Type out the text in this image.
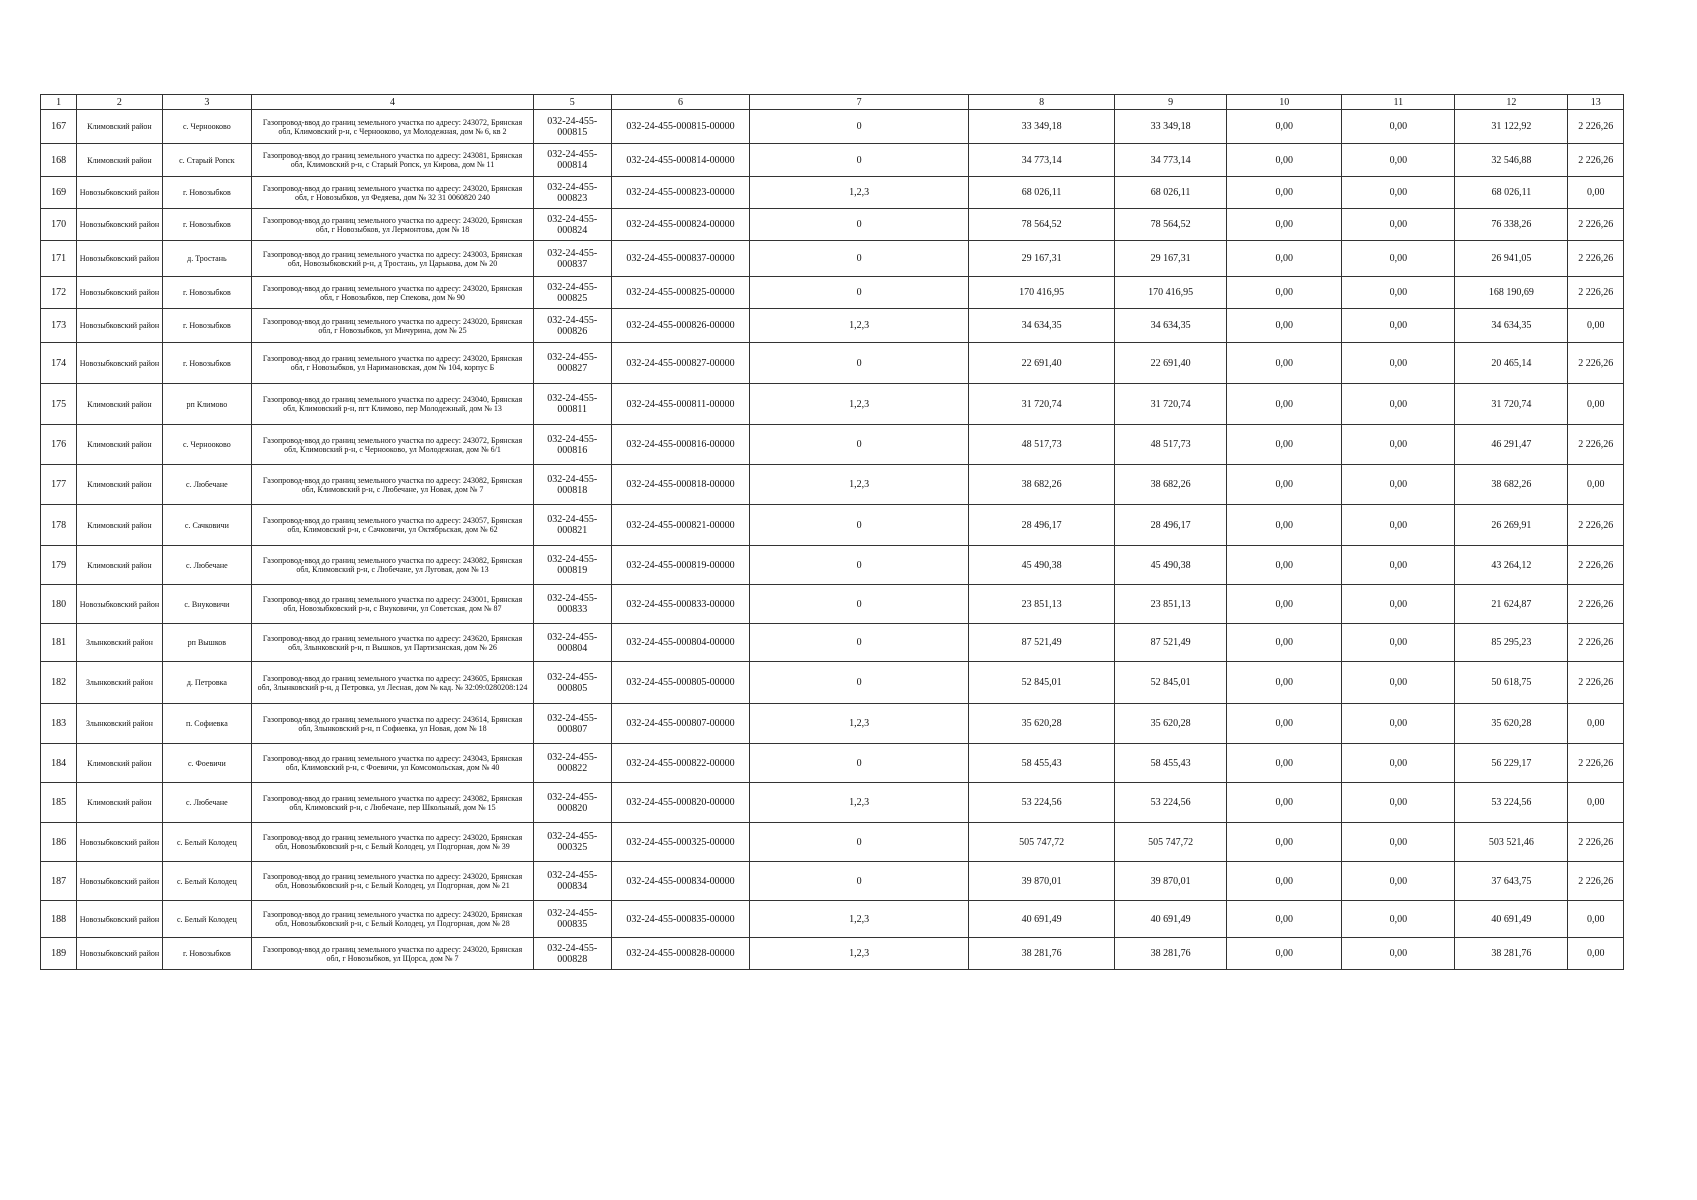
1	2	3	4	5	6	7	8	9	10	11	12	13
167	Климовский район	с. Чернооково	Газопровод-ввод до границ земельного участка по адресу: 243072, Брянская обл, Климовский р-н, с Чернооково, ул Молодежная, дом № 6, кв 2	032-24-455-000815	032-24-455-000815-00000	0	33 349,18	33 349,18	0,00	0,00	31 122,92	2 226,26
168	Климовский район	с. Старый Ропск	Газопровод-ввод до границ земельного участка по адресу: 243081, Брянская обл, Климовский р-н, с Старый Ропск, ул Кирова, дом № 11	032-24-455-000814	032-24-455-000814-00000	0	34 773,14	34 773,14	0,00	0,00	32 546,88	2 226,26
169	Новозыбковский район	г. Новозыбков	Газопровод-ввод до границ земельного участка по адресу: 243020, Брянская обл, г Новозыбков, ул Федяева, дом № 32 31 0060820 240	032-24-455-000823	032-24-455-000823-00000	1,2,3	68 026,11	68 026,11	0,00	0,00	68 026,11	0,00
170	Новозыбковский район	г. Новозыбков	Газопровод-ввод до границ земельного участка по адресу: 243020, Брянская обл, г Новозыбков, ул Лермонтова, дом № 18	032-24-455-000824	032-24-455-000824-00000	0	78 564,52	78 564,52	0,00	0,00	76 338,26	2 226,26
171	Новозыбковский район	д. Тростань	Газопровод-ввод до границ земельного участка по адресу: 243003, Брянская обл, Новозыбковский р-н, д Тростань, ул Царькова, дом № 20	032-24-455-000837	032-24-455-000837-00000	0	29 167,31	29 167,31	0,00	0,00	26 941,05	2 226,26
172	Новозыбковский район	г. Новозыбков	Газопровод-ввод до границ земельного участка по адресу: 243020, Брянская обл, г Новозыбков, пер Спекова, дом № 90	032-24-455-000825	032-24-455-000825-00000	0	170 416,95	170 416,95	0,00	0,00	168 190,69	2 226,26
173	Новозыбковский район	г. Новозыбков	Газопровод-ввод до границ земельного участка по адресу: 243020, Брянская обл, г Новозыбков, ул Мичурина, дом № 25	032-24-455-000826	032-24-455-000826-00000	1,2,3	34 634,35	34 634,35	0,00	0,00	34 634,35	0,00
174	Новозыбковский район	г. Новозыбков	Газопровод-ввод до границ земельного участка по адресу: 243020, Брянская обл, г Новозыбков, ул Наримановская, дом № 104, корпус Б	032-24-455-000827	032-24-455-000827-00000	0	22 691,40	22 691,40	0,00	0,00	20 465,14	2 226,26
175	Климовский район	рп Климово	Газопровод-ввод до границ земельного участка по адресу: 243040, Брянская обл, Климовский р-н, пгт Климово, пер Молодежный, дом № 13	032-24-455-000811	032-24-455-000811-00000	1,2,3	31 720,74	31 720,74	0,00	0,00	31 720,74	0,00
176	Климовский район	с. Чернооково	Газопровод-ввод до границ земельного участка по адресу: 243072, Брянская обл, Климовский р-н, с Чернооково, ул Молодежная, дом № 6/1	032-24-455-000816	032-24-455-000816-00000	0	48 517,73	48 517,73	0,00	0,00	46 291,47	2 226,26
177	Климовский район	с. Любечане	Газопровод-ввод до границ земельного участка по адресу: 243082, Брянская обл, Климовский р-н, с Любечане, ул Новая, дом № 7	032-24-455-000818	032-24-455-000818-00000	1,2,3	38 682,26	38 682,26	0,00	0,00	38 682,26	0,00
178	Климовский район	с. Сачковичи	Газопровод-ввод до границ земельного участка по адресу: 243057, Брянская обл, Климовский р-н, с Сачковичи, ул Октябрьская, дом № 62	032-24-455-000821	032-24-455-000821-00000	0	28 496,17	28 496,17	0,00	0,00	26 269,91	2 226,26
179	Климовский район	с. Любечане	Газопровод-ввод до границ земельного участка по адресу: 243082, Брянская обл, Климовский р-н, с Любечане, ул Луговая, дом № 13	032-24-455-000819	032-24-455-000819-00000	0	45 490,38	45 490,38	0,00	0,00	43 264,12	2 226,26
180	Новозыбковский район	с. Внуковичи	Газопровод-ввод до границ земельного участка по адресу: 243001, Брянская обл, Новозыбковский р-н, с Внуковичи, ул Советская, дом № 87	032-24-455-000833	032-24-455-000833-00000	0	23 851,13	23 851,13	0,00	0,00	21 624,87	2 226,26
181	Злынковский район	рп Вышков	Газопровод-ввод до границ земельного участка по адресу: 243620, Брянская обл, Злынковский р-н, п Вышков, ул Партизанская, дом № 26	032-24-455-000804	032-24-455-000804-00000	0	87 521,49	87 521,49	0,00	0,00	85 295,23	2 226,26
182	Злынковский район	д. Петровка	Газопровод-ввод до границ земельного участка по адресу: 243605, Брянская обл, Злынковский р-н, д Петровка, ул Лесная, дом № кад. № 32:09:0280208:124	032-24-455-000805	032-24-455-000805-00000	0	52 845,01	52 845,01	0,00	0,00	50 618,75	2 226,26
183	Злынковский район	п. Софиевка	Газопровод-ввод до границ земельного участка по адресу: 243614, Брянская обл, Злынковский р-н, п Софиевка, ул Новая, дом № 18	032-24-455-000807	032-24-455-000807-00000	1,2,3	35 620,28	35 620,28	0,00	0,00	35 620,28	0,00
184	Климовский район	с. Фоевичи	Газопровод-ввод до границ земельного участка по адресу: 243043, Брянская обл, Климовский р-н, с Фоевичи, ул Комсомольская, дом № 40	032-24-455-000822	032-24-455-000822-00000	0	58 455,43	58 455,43	0,00	0,00	56 229,17	2 226,26
185	Климовский район	с. Любечане	Газопровод-ввод до границ земельного участка по адресу: 243082, Брянская обл, Климовский р-н, с Любечане, пер Школьный, дом № 15	032-24-455-000820	032-24-455-000820-00000	1,2,3	53 224,56	53 224,56	0,00	0,00	53 224,56	0,00
186	Новозыбковский район	с. Белый Колодец	Газопровод-ввод до границ земельного участка по адресу: 243020, Брянская обл, Новозыбковский р-н, с Белый Колодец, ул Подгорная, дом № 39	032-24-455-000325	032-24-455-000325-00000	0	505 747,72	505 747,72	0,00	0,00	503 521,46	2 226,26
187	Новозыбковский район	с. Белый Колодец	Газопровод-ввод до границ земельного участка по адресу: 243020, Брянская обл, Новозыбковский р-н, с Белый Колодец, ул Подгорная, дом № 21	032-24-455-000834	032-24-455-000834-00000	0	39 870,01	39 870,01	0,00	0,00	37 643,75	2 226,26
188	Новозыбковский район	с. Белый Колодец	Газопровод-ввод до границ земельного участка по адресу: 243020, Брянская обл, Новозыбковский р-н, с Белый Колодец, ул Подгорная, дом № 28	032-24-455-000835	032-24-455-000835-00000	1,2,3	40 691,49	40 691,49	0,00	0,00	40 691,49	0,00
189	Новозыбковский район	г. Новозыбков	Газопровод-ввод до границ земельного участка по адресу: 243020, Брянская обл, г Новозыбков, ул Щорса, дом № 7	032-24-455-000828	032-24-455-000828-00000	1,2,3	38 281,76	38 281,76	0,00	0,00	38 281,76	0,00
